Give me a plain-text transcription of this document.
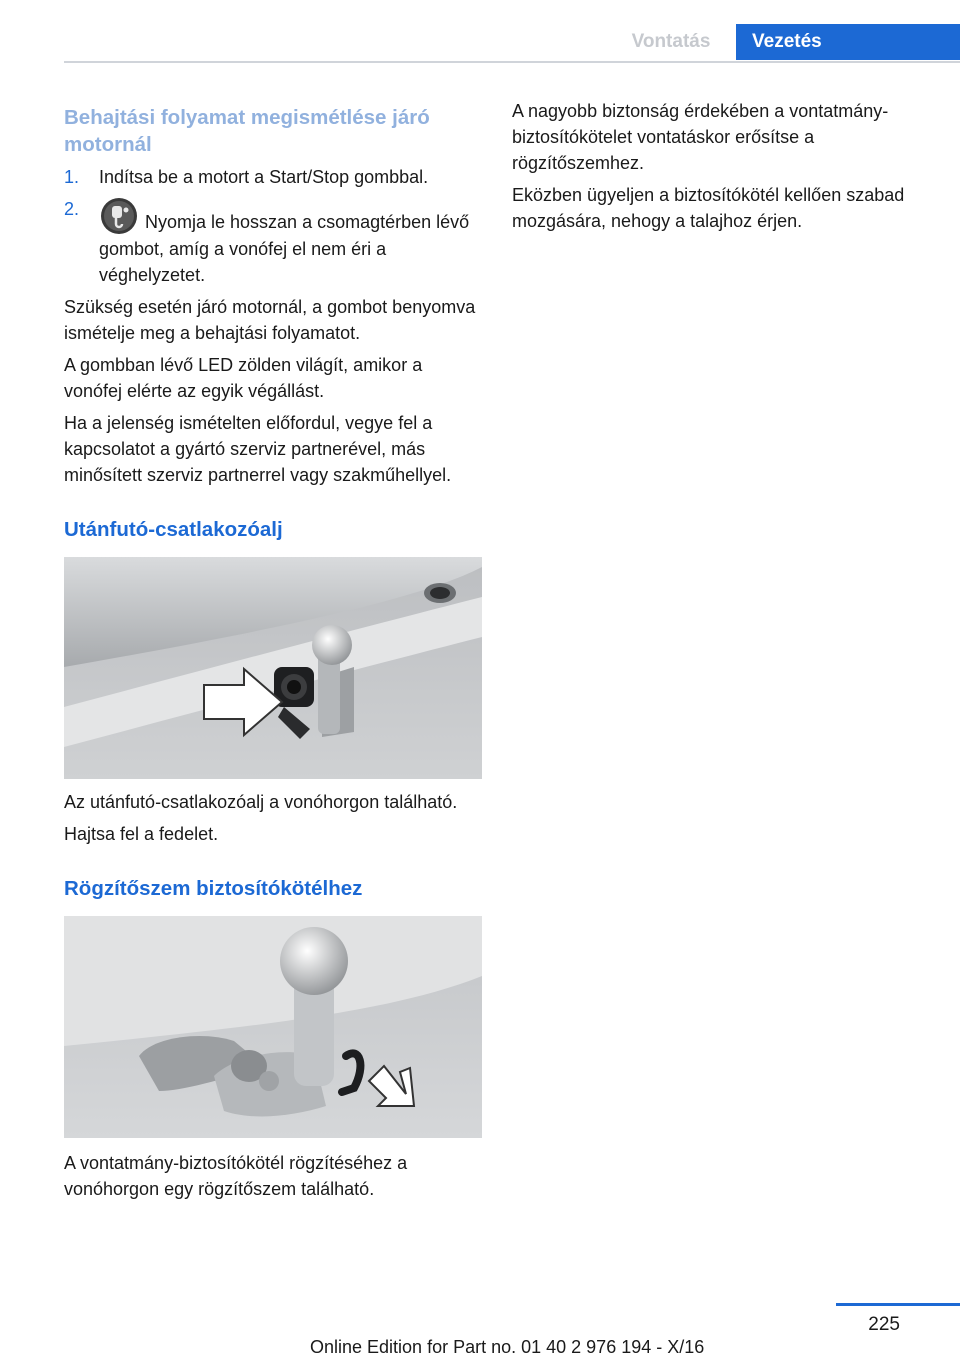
Vontatás	Vezetés
Behajtási folyamat megismétlése járó motornál
1. Indítsa be a motort a Start/Stop gombbal.
2.
Nyomja le hosszan a csomagtérben lévő gombot, amíg a vonófej el nem éri a véghelyzetet.

Szükség esetén járó motornál, a gombot benyomva ismételje meg a behajtási folyamatot.

A gombban lévő LED zölden világít, amikor a vonófej elérte az egyik végállást.

Ha a jelenség ismételten előfordul, vegye fel a kapcsolatot a gyártó szerviz partnerével, más minősített szerviz partnerrel vagy szakműhellyel.

Utánfutó-csatlakozóalj

Az utánfutó-csatlakozóalj a vonóhorgon található.

Hajtsa fel a fedelet.

Rögzítőszem biztosítókötélhez

A vontatmány-biztosítókötél rögzítéséhez a vonóhorgon egy rögzítőszem található.

A nagyobb biztonság érdekében a vontatmány-biztosítókötelet vontatáskor erősítse a rögzítőszemhez.

Eközben ügyeljen a biztosítókötél kellően szabad mozgására, nehogy a talajhoz érjen.

225
Online Edition for Part no. 01 40 2 976 194 - X/16
